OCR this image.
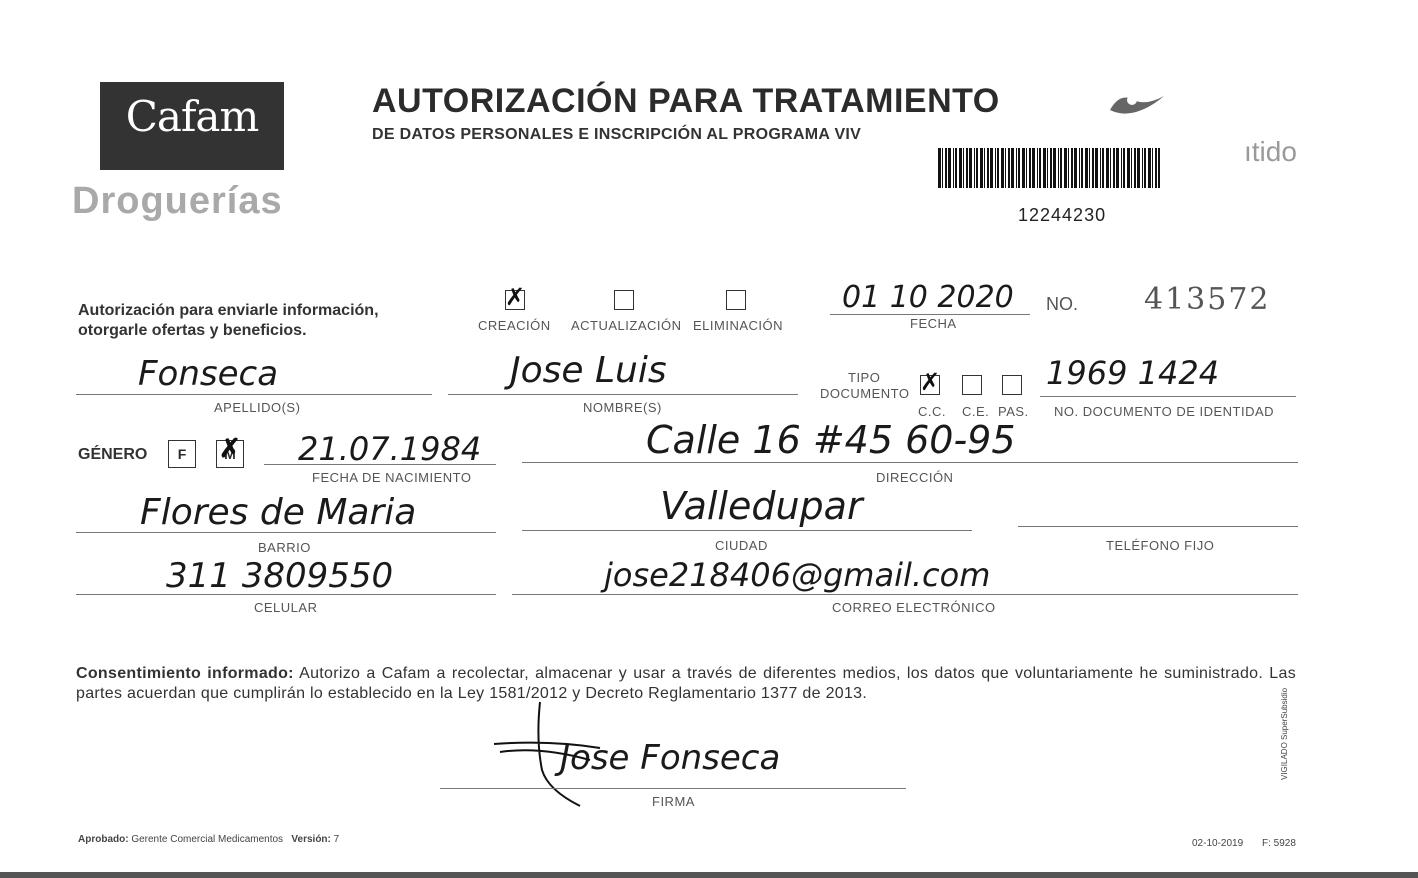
Cafam
Droguerías
AUTORIZACIÓN PARA TRATAMIENTO
DE DATOS PERSONALES E INSCRIPCIÓN AL PROGRAMA VIV
12244230
ıtido
Autorización para enviarle información,
otorgarle ofertas y beneficios.
✗	CREACIÓN ACTUALIZACIÓN ELIMINACIÓN
01 10 2020
FECHA
NO. 413572
Fonseca
APELLIDO(S)
Jose Luis
NOMBRE(S)
TIPO
DOCUMENTO
✗
C.C. C.E. PAS.
1969 1424
NO. DOCUMENTO DE IDENTIDAD
GÉNERO	F	M ✗ 21.07.1984
FECHA DE NACIMIENTO
Calle 16 #45 60-95
DIRECCIÓN
Flores de Maria
BARRIO
Valledupar
CIUDAD	TELÉFONO FIJO
311 3809550
CELULAR
jose218406@gmail.com
CORREO ELECTRÓNICO
Consentimiento informado: Autorizo a Cafam a recolectar, almacenar y usar a través de diferentes medios, los datos que voluntariamente he suministrado. Las partes acuerdan que cumplirán lo establecido en la Ley 1581/2012 y Decreto Reglamentario 1377 de 2013.
Jose Fonseca
FIRMA
Aprobado: Gerente Comercial Medicamentos Versión: 7	02-10-2019 F: 5928
VIGILADO SuperSubsidio
